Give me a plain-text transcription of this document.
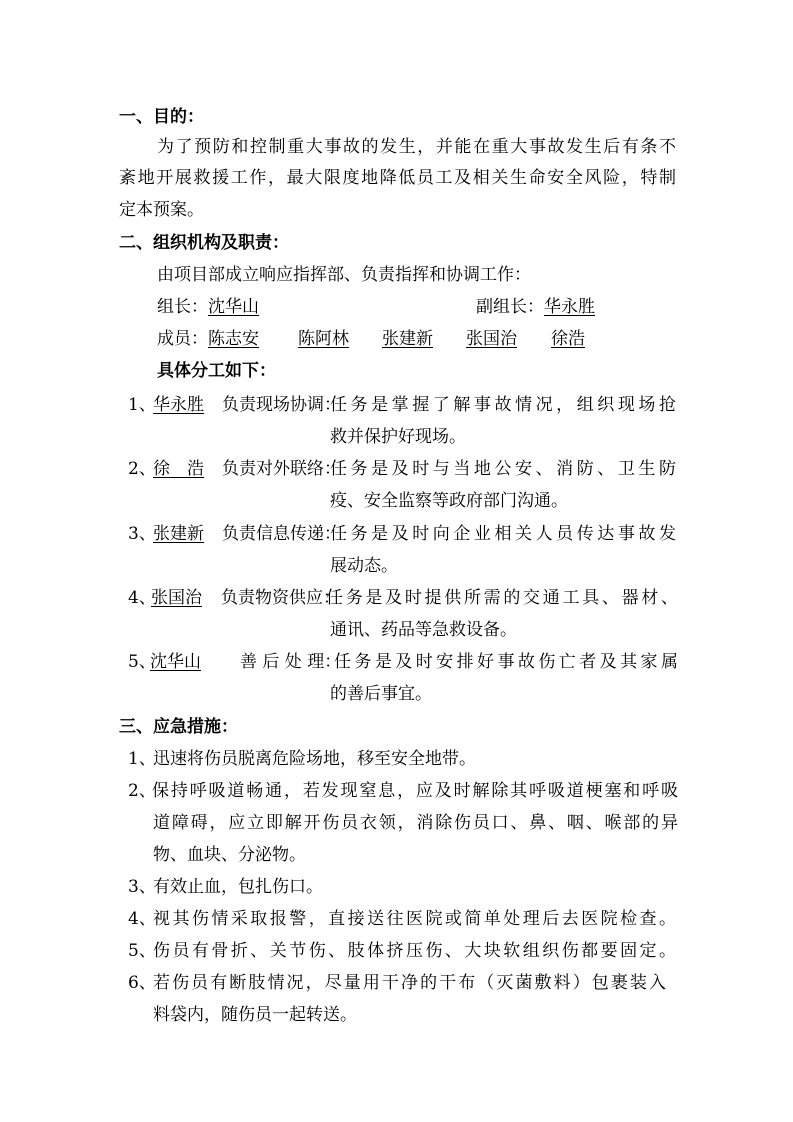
一、目的：
为了预防和控制重大事故的发生，并能在重大事故发生后有条不
紊地开展救援工作，最大限度地降低员工及相关生命安全风险，特制
定本预案。
二、组织机构及职责：
由项目部成立响应指挥部、负责指挥和协调工作：
组长：沈华山	副组长：华永胜
成员：陈志安 陈阿林 张建新 张国治 徐浩
具体分工如下：
1、
华永胜 负责现场协调：
任务是掌握了解事故情况，组织现场抢
救并保护好现场。
2、
徐　浩 负责对外联络：
任务是及时与当地公安、消防、卫生防
疫、安全监察等政府部门沟通。
3、
张建新 负责信息传递：
任务是及时向企业相关人员传达事故发
展动态。
4、
张国治 负责物资供应：
任务是及时提供所需的交通工具、器材、
通讯、药品等急救设备。
5、
沈华山 善 后 处 理：
任务是及时安排好事故伤亡者及其家属
的善后事宜。
三、应急措施：
1、
迅速将伤员脱离危险场地，移至安全地带。
2、
保持呼吸道畅通，若发现窒息，应及时解除其呼吸道梗塞和呼吸
道障碍，应立即解开伤员衣领，消除伤员口、鼻、咽、喉部的异
物、血块、分泌物。
3、
有效止血，包扎伤口。
4、
视其伤情采取报警，直接送往医院或简单处理后去医院检查。
5、
伤员有骨折、关节伤、肢体挤压伤、大块软组织伤都要固定。
6、
若伤员有断肢情况，尽量用干净的干布（灭菌敷料）包裹装入
料袋内，随伤员一起转送。
